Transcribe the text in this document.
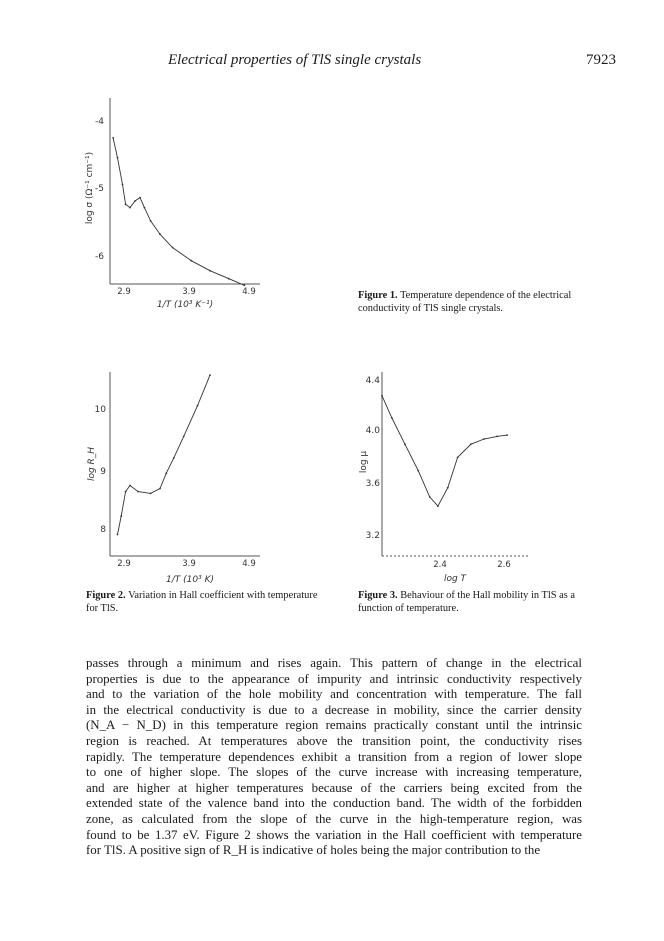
Electrical properties of TlS single crystals	7923
-4
-5
-6
2.9	3.9	4.9
1/T (10³ K⁻¹)
log σ (Ω⁻¹ cm⁻¹)
Figure 1. Temperature dependence of the electrical conductivity of TlS single crystals.
10
9
8
2.9	3.9	4.9
1/T (10³ K)
log R_H
Figure 2. Variation in Hall coefficient with temperature for TlS.
4.4
4.0
3.6
3.2
2.4	2.6
log T
log μ
Figure 3. Behaviour of the Hall mobility in TlS as a function of temperature.
passes through a minimum and rises again. This pattern of change in the electrical
properties is due to the appearance of impurity and intrinsic conductivity respectively
and to the variation of the hole mobility and concentration with temperature. The fall
in the electrical conductivity is due to a decrease in mobility, since the carrier density
(N_A − N_D) in this temperature region remains practically constant until the intrinsic
region is reached. At temperatures above the transition point, the conductivity rises
rapidly. The temperature dependences exhibit a transition from a region of lower slope
to one of higher slope. The slopes of the curve increase with increasing temperature,
and are higher at higher temperatures because of the carriers being excited from the
extended state of the valence band into the conduction band. The width of the forbidden
zone, as calculated from the slope of the curve in the high-temperature region, was
found to be 1.37 eV. Figure 2 shows the variation in the Hall coefficient with temperature
for TlS. A positive sign of R_H is indicative of holes being the major contribution to the
